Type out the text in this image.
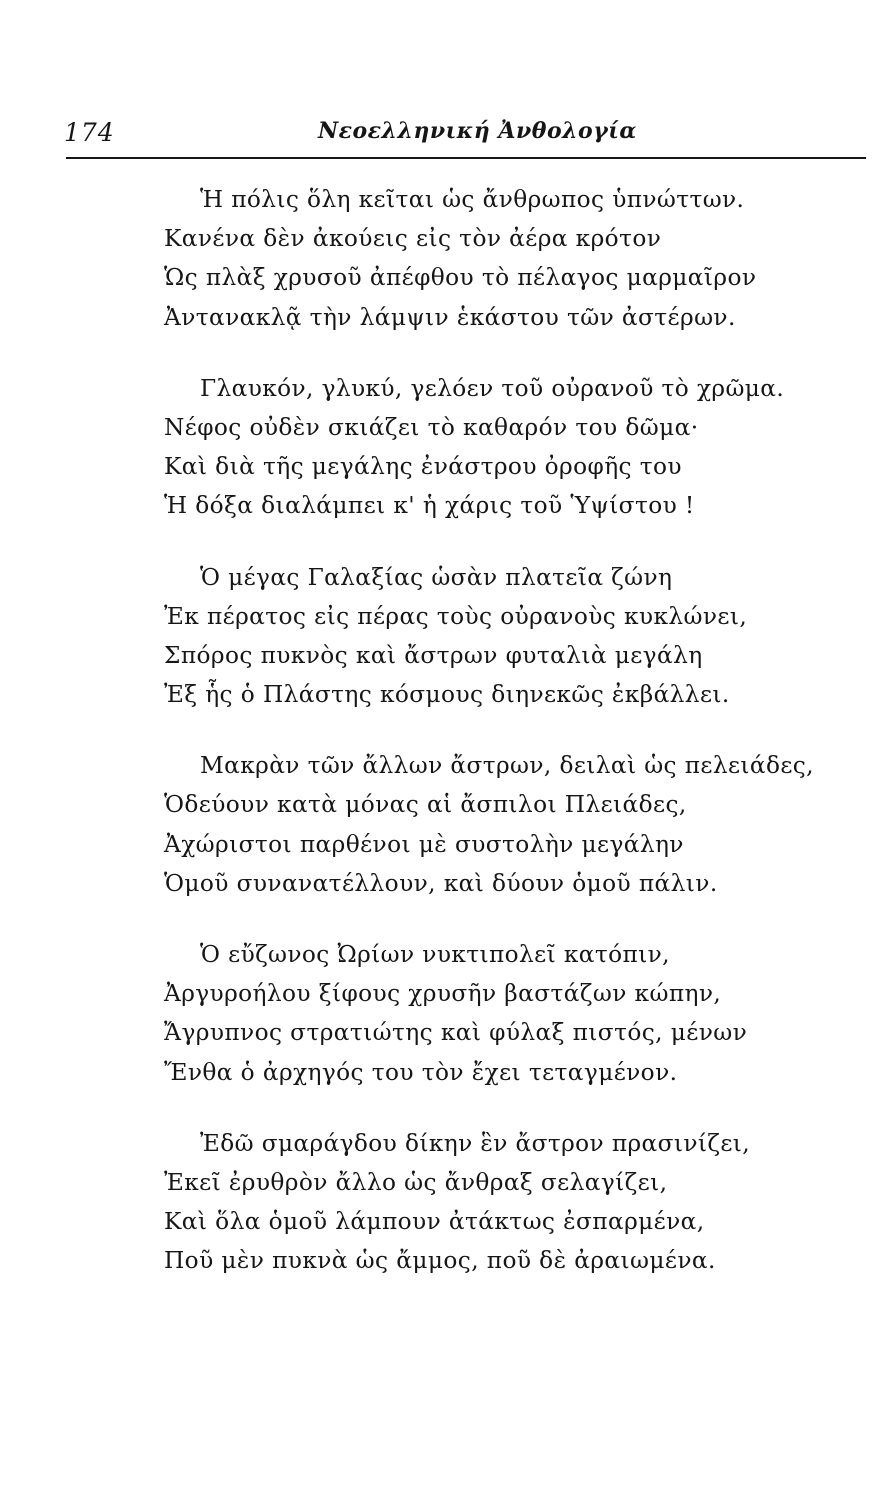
174	Νεοελληνική Ἀνθολογία
Ἡ πόλις ὅλη κεῖται ὡς ἄνθρωπος ὑπνώττων.
Κανένα δὲν ἀκούεις εἰς τὸν ἀέρα κρότον
Ὡς πλὰξ χρυσοῦ ἀπέφθου τὸ πέλαγος μαρμαῖρον
Ἀντανακλᾷ τὴν λάμψιν ἑκάστου τῶν ἀστέρων.
Γλαυκόν, γλυκύ, γελόεν τοῦ οὐρανοῦ τὸ χρῶμα.
Νέφος οὐδὲν σκιάζει τὸ καθαρόν του δῶμα·
Καὶ διὰ τῆς μεγάλης ἐνάστρου ὀροφῆς του
Ἡ δόξα διαλάμπει κ' ἡ χάρις τοῦ Ὑψίστου !
Ὁ μέγας Γαλαξίας ὡσὰν πλατεῖα ζώνη
Ἐκ πέρατος εἰς πέρας τοὺς οὐρανοὺς κυκλώνει,
Σπόρος πυκνὸς καὶ ἄστρων φυταλιὰ μεγάλη
Ἐξ ἧς ὁ Πλάστης κόσμους διηνεκῶς ἐκβάλλει.
Μακρὰν τῶν ἄλλων ἄστρων, δειλαὶ ὡς πελειάδες,
Ὁδεύουν κατὰ μόνας αἱ ἄσπιλοι Πλειάδες,
Ἀχώριστοι παρθένοι μὲ συστολὴν μεγάλην
Ὁμοῦ συνανατέλλουν, καὶ δύουν ὁμοῦ πάλιν.
Ὁ εὔζωνος Ὠρίων νυκτιπολεῖ κατόπιν,
Ἀργυροήλου ξίφους χρυσῆν βαστάζων κώπην,
Ἄγρυπνος στρατιώτης καὶ φύλαξ πιστός, μένων
Ἔνθα ὁ ἀρχηγός του τὸν ἔχει τεταγμένον.
Ἐδῶ σμαράγδου δίκην ἓν ἄστρον πρασινίζει,
Ἐκεῖ ἐρυθρὸν ἄλλο ὡς ἄνθραξ σελαγίζει,
Καὶ ὅλα ὁμοῦ λάμπουν ἀτάκτως ἐσπαρμένα,
Ποῦ μὲν πυκνὰ ὡς ἄμμος, ποῦ δὲ ἀραιωμένα.
